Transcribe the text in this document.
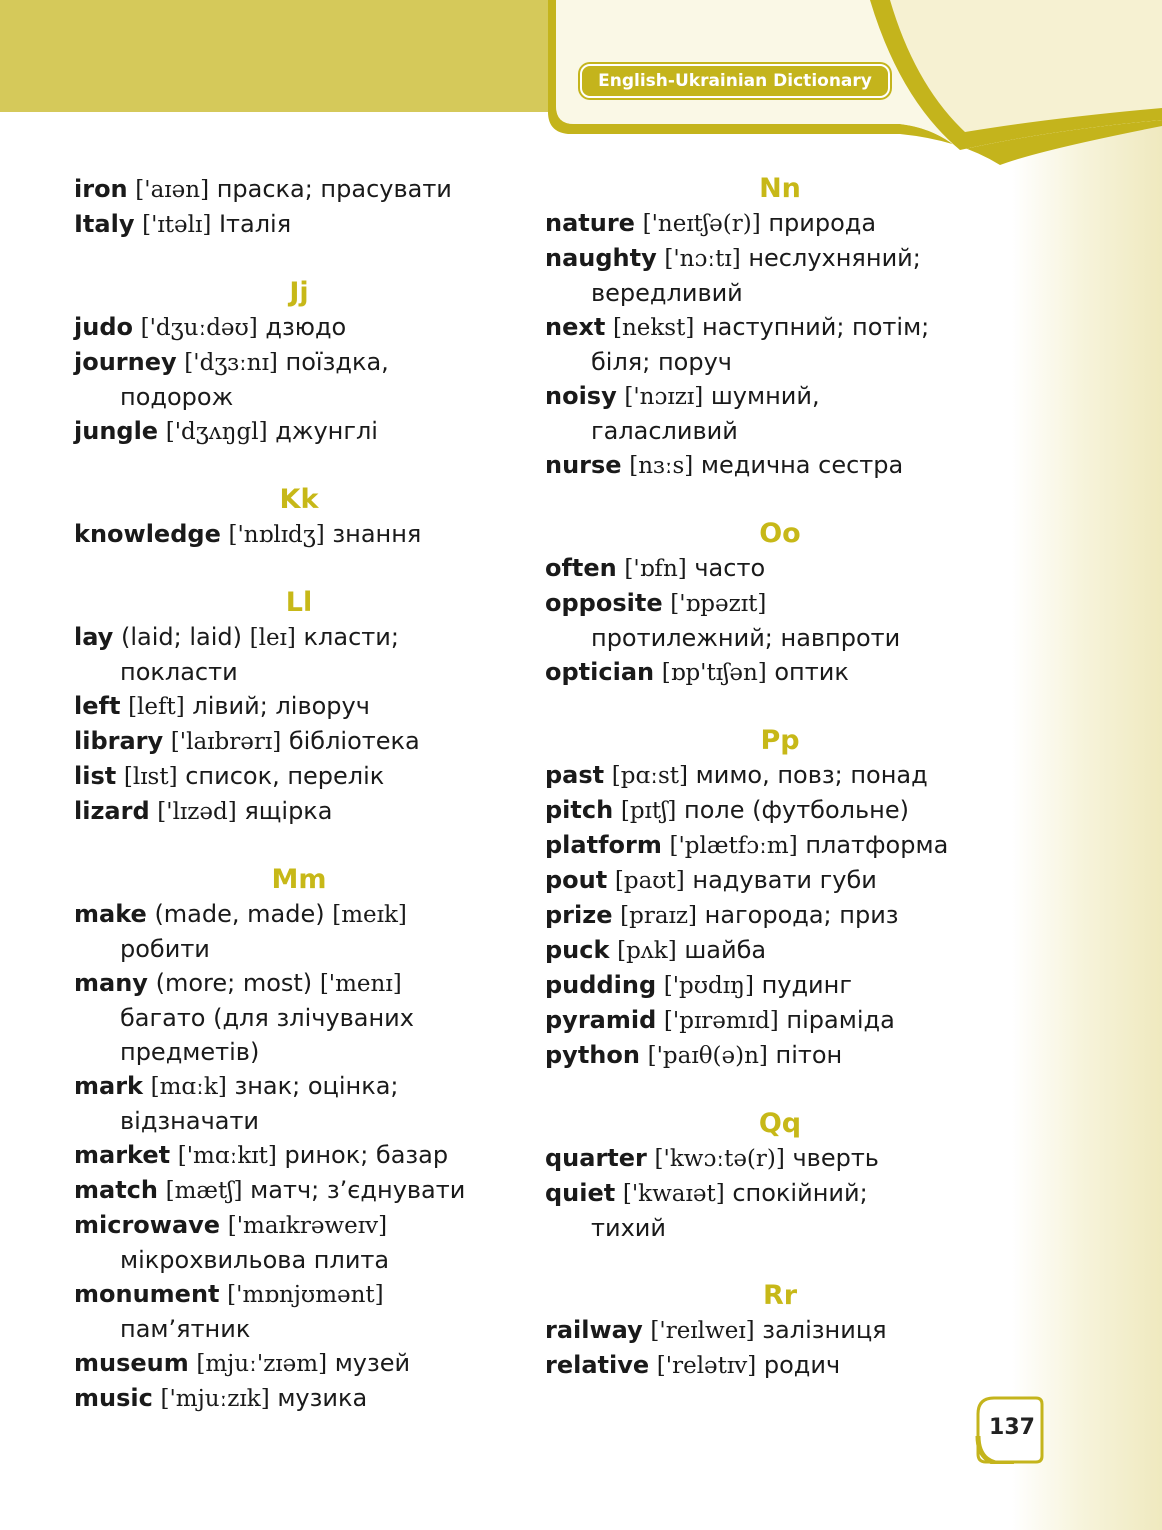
English-Ukrainian Dictionary
iron ['aɪən] праска; прасувати
Italy ['ɪtəlɪ] Італія
Jj
judo ['dʒuːdəʊ] дзюдо
journey ['dʒɜːnɪ] поїздка,
подорож
jungle ['dʒʌŋgl] джунглі
Kk
knowledge ['nɒlɪdʒ] знання
Ll
lay (laid; laid) [leɪ] класти;
покласти
left [left] лівий; ліворуч
library ['laɪbrərɪ] бібліотека
list [lɪst] список, перелік
lizard ['lɪzəd] ящірка
Mm
make (made, made) [meɪk]
робити
many (more; most) ['menɪ]
багато (для злічуваних
предметів)
mark [mɑːk] знак; оцінка;
відзначати
market ['mɑːkɪt] ринок; базар
match [mætʃ] матч; з’єднувати
microwave ['maɪkrəweɪv]
мікрохвильова плита
monument ['mɒnjʊmənt]
пам’ятник
museum [mjuː'zɪəm] музей
music ['mjuːzɪk] музика
Nn
nature ['neɪtʃə(r)] природа
naughty ['nɔːtɪ] неслухняний;
вередливий
next [nekst] наступний; потім;
біля; поруч
noisy ['nɔɪzɪ] шумний,
галасливий
nurse [nɜːs] медична сестра
Oo
often ['ɒfn] часто
opposite ['ɒpəzɪt]
протилежний; навпроти
optician [ɒp'tɪʃən] оптик
Pp
past [pɑːst] мимо, повз; понад
pitch [pɪtʃ] поле (футбольне)
platform ['plætfɔːm] платформа
pout [paʊt] надувати губи
prize [praɪz] нагорода; приз
puck [pʌk] шайба
pudding ['pʊdɪŋ] пудинг
pyramid ['pɪrəmɪd] піраміда
python ['paɪθ(ə)n] пітон
Qq
quarter ['kwɔːtə(r)] чверть
quiet ['kwaɪət] спокійний;
тихий
Rr
railway ['reɪlweɪ] залізниця
relative ['relətɪv] родич
137
